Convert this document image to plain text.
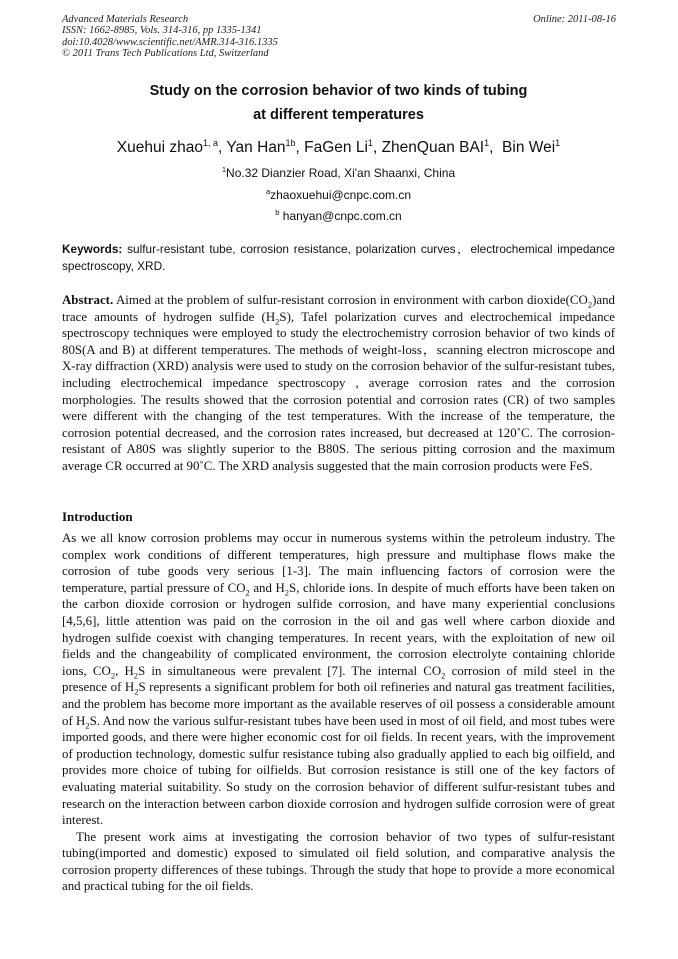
Advanced Materials Research
ISSN: 1662-8985, Vols. 314-316, pp 1335-1341
doi:10.4028/www.scientific.net/AMR.314-316.1335
© 2011 Trans Tech Publications Ltd, Switzerland
Online: 2011-08-16
Study on the corrosion behavior of two kinds of tubing
at different temperatures
Xuehui zhao$^{1, a}$, Yan Han$^{1b}$, FaGen Li$^1$, ZhenQuan BAI$^1$,  Bin Wei$^1$
$^1$No.32 Dianzier Road, Xi'an Shaanxi, China
$^a$zhaoxuehui@cnpc.com.cn
$^b$ hanyan@cnpc.com.cn
Keywords: sulfur-resistant tube, corrosion resistance, polarization curves，electrochemical impedance spectroscopy, XRD.
Abstract. Aimed at the problem of sulfur-resistant corrosion in environment with carbon $dioxide(CO_2)and$ trace amounts of hydrogen sulfide $(H_2S)$, Tafel polarization curves and electrochemical impedance spectroscopy techniques were employed to study the electrochemistry corrosion behavior of two kinds of 80S(A and B) at different temperatures. The methods of weight-loss，scanning electron microscope and X-ray diffraction (XRD) analysis were used to study on the corrosion behavior of the sulfur-resistant tubes, including electrochemical impedance spectroscopy , average corrosion rates and the corrosion morphologies. The results showed that the corrosion potential and corrosion rates (CR) of two samples were different with the changing of the test temperatures. With the increase of the temperature, the corrosion potential decreased, and the corrosion rates increased, but decreased at 120˚C. The corrosion-resistant of A80S was slightly superior to the B80S. The serious pitting corrosion and the maximum average CR occurred at 90˚C. The XRD analysis suggested that the main corrosion products were FeS.
Introduction

As we all know corrosion problems may occur in numerous systems within the petroleum industry. The complex work conditions of different temperatures, high pressure and multiphase flows make the corrosion of tube goods very serious [1-3]. The main influencing factors of corrosion were the temperature, partial pressure of $CO_2$ and $H_2S$, chloride ions. In despite of much efforts have been taken on the carbon dioxide corrosion or hydrogen sulfide corrosion, and have many experiential conclusions [4,5,6], little attention was paid on the corrosion in the oil and gas well where carbon dioxide and hydrogen sulfide coexist with changing temperatures. In recent years, with the exploitation of new oil fields and the changeability of complicated environment, the corrosion electrolyte containing chloride ions, $CO_2$, $H_2S$ in simultaneous were prevalent [7]. The internal $CO_2$ corrosion of mild steel in the presence of $H_2S$ represents a significant problem for both oil refineries and natural gas treatment facilities, and the problem has become more important as the available reserves of oil possess a considerable amount of $H_2S$. And now the various sulfur-resistant tubes have been used in most of oil field, and most tubes were imported goods, and there were higher economic cost for oil fields. In recent years, with the improvement of production technology, domestic sulfur resistance tubing also gradually applied to each big oilfield, and provides more choice of tubing for oilfields. But corrosion resistance is still one of the key factors of evaluating material suitability. So study on the corrosion behavior of different sulfur-resistant tubes and research on the interaction between carbon dioxide corrosion and hydrogen sulfide corrosion were of great interest.

The present work aims at investigating the corrosion behavior of two types of sulfur-resistant tubing(imported and domestic) exposed to simulated oil field solution, and comparative analysis the corrosion property differences of these tubings. Through the study that hope to provide a more economical and practical tubing for the oil fields.
